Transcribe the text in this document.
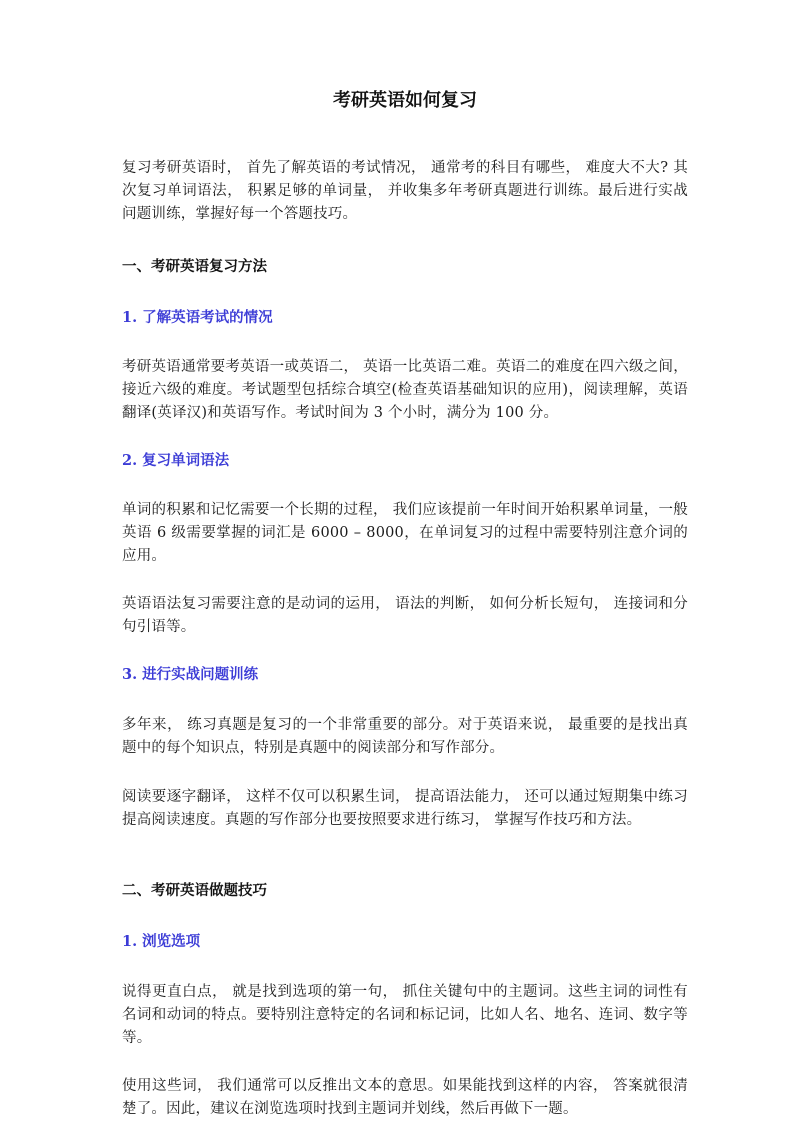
考研英语如何复习

复习考研英语时， 首先了解英语的考试情况， 通常考的科目有哪些， 难度大不大? 其次复习单词语法， 积累足够的单词量， 并收集多年考研真题进行训练。最后进行实战问题训练，掌握好每一个答题技巧。

一、考研英语复习方法
1. 了解英语考试的情况

考研英语通常要考英语一或英语二， 英语一比英语二难。英语二的难度在四六级之间， 接近六级的难度。考试题型包括综合填空(检查英语基础知识的应用)，阅读理解，英语翻译(英译汉)和英语写作。考试时间为 3 个小时，满分为 100 分。

2. 复习单词语法

单词的积累和记忆需要一个长期的过程， 我们应该提前一年时间开始积累单词量，一般英语 6 级需要掌握的词汇是 6000 – 8000，在单词复习的过程中需要特别注意介词的应用。

英语语法复习需要注意的是动词的运用， 语法的判断， 如何分析长短句， 连接词和分句引语等。

3. 进行实战问题训练

多年来， 练习真题是复习的一个非常重要的部分。对于英语来说， 最重要的是找出真题中的每个知识点，特别是真题中的阅读部分和写作部分。

阅读要逐字翻译， 这样不仅可以积累生词， 提高语法能力， 还可以通过短期集中练习提高阅读速度。真题的写作部分也要按照要求进行练习， 掌握写作技巧和方法。

二、考研英语做题技巧
1. 浏览选项

说得更直白点， 就是找到选项的第一句， 抓住关键句中的主题词。这些主词的词性有名词和动词的特点。要特别注意特定的名词和标记词，比如人名、地名、连词、数字等等。

使用这些词， 我们通常可以反推出文本的意思。如果能找到这样的内容， 答案就很清楚了。因此，建议在浏览选项时找到主题词并划线，然后再做下一题。
